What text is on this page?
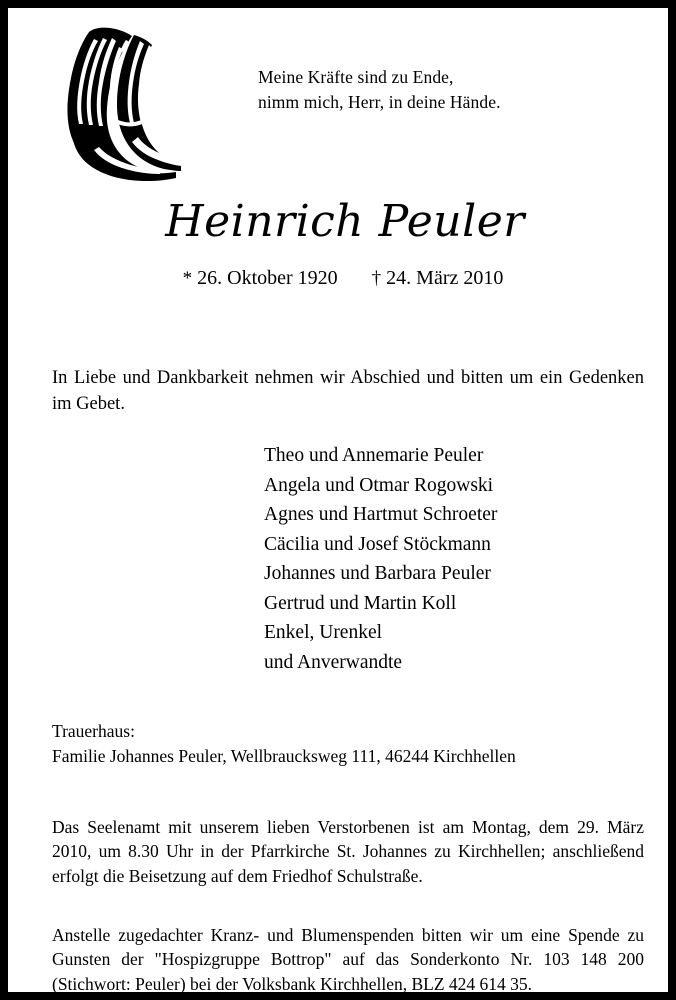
Meine Kräfte sind zu Ende,
nimm mich, Herr, in deine Hände.
Heinrich Peuler
* 26. Oktober 1920 † 24. März 2010

In Liebe und Dankbarkeit nehmen wir Abschied und bitten um ein Gedenken im Gebet.

Theo und Annemarie Peuler
Angela und Otmar Rogowski
Agnes und Hartmut Schroeter
Cäcilia und Josef Stöckmann
Johannes und Barbara Peuler
Gertrud und Martin Koll
Enkel, Urenkel
und Anverwandte
Trauerhaus:
Familie Johannes Peuler, Wellbraucksweg 111, 46244 Kirchhellen

Das Seelenamt mit unserem lieben Verstorbenen ist am Montag, dem 29. März 2010, um 8.30 Uhr in der Pfarrkirche St. Johannes zu Kirchhellen; anschließend erfolgt die Beisetzung auf dem Friedhof Schulstraße.

Anstelle zugedachter Kranz- und Blumenspenden bitten wir um eine Spende zu Gunsten der "Hospizgruppe Bottrop" auf das Sonderkonto Nr. 103 148 200 (Stichwort: Peuler) bei der Volksbank Kirchhellen, BLZ 424 614 35.
